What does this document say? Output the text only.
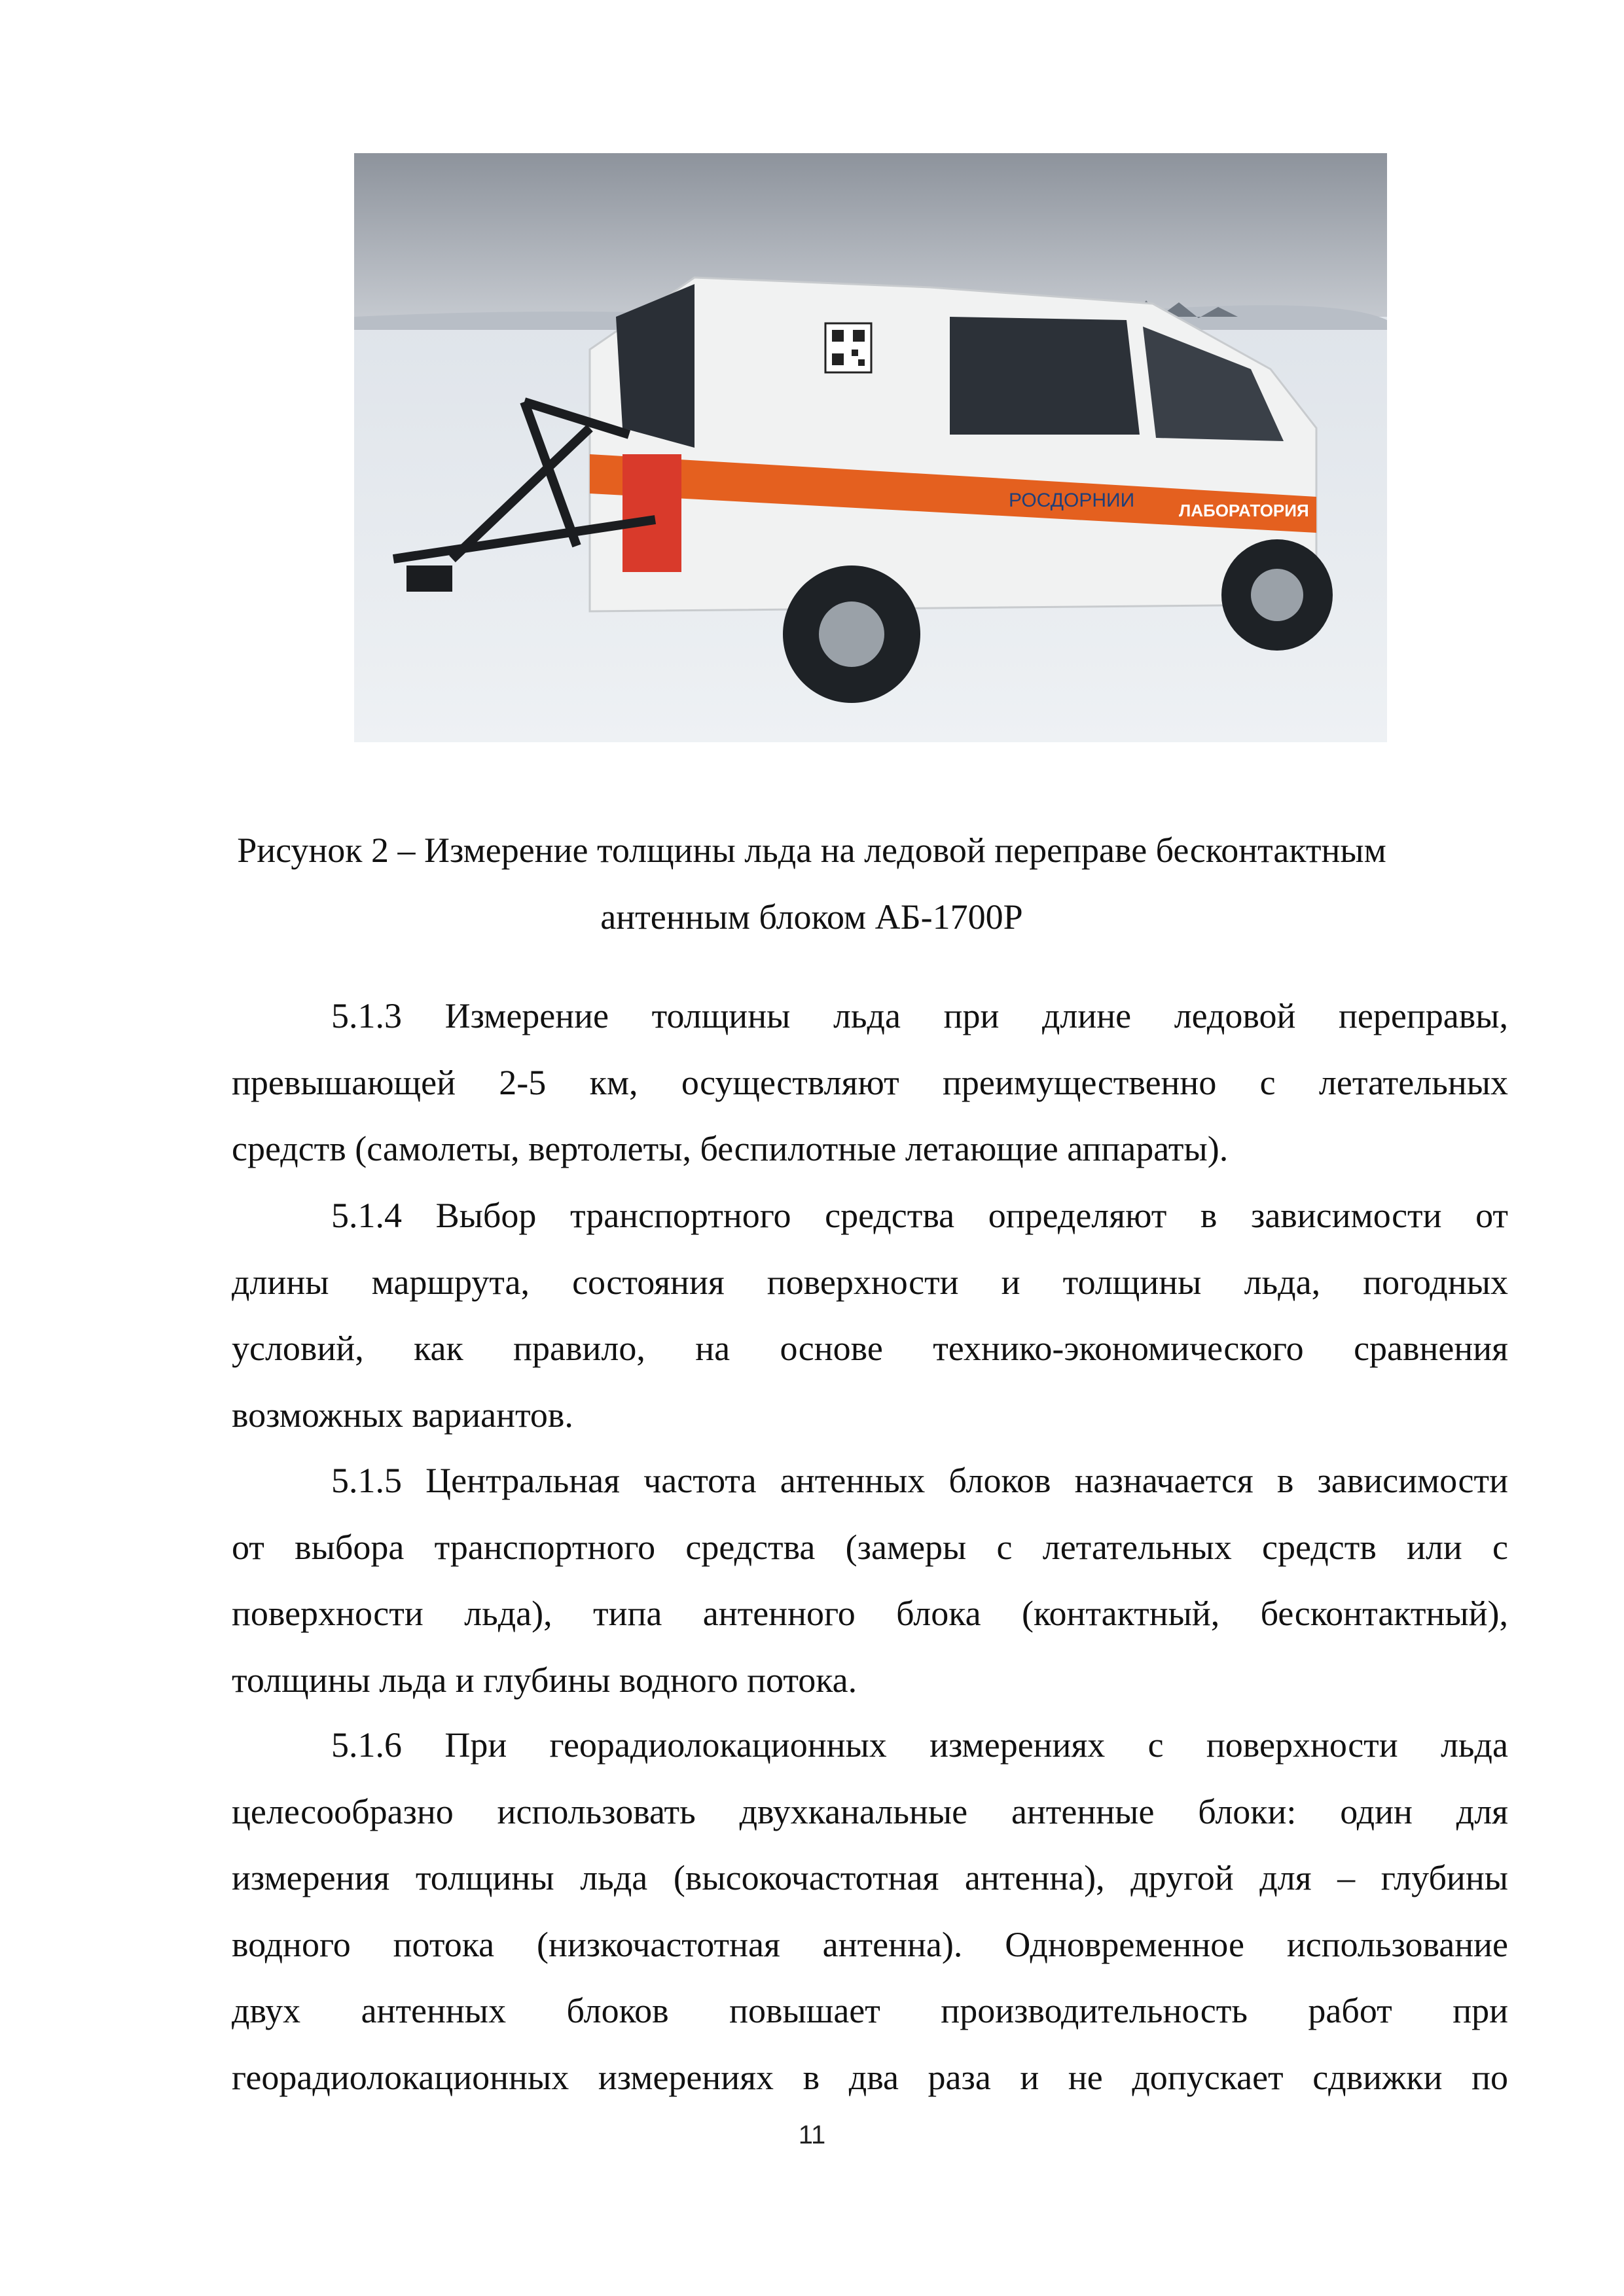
ЛАБОРАТОРИЯ
РОСДОРНИИ

Рисунок 2 – Измерение толщины льда на ледовой переправе бесконтактным

антенным блоком АБ-1700Р

5.1.3 Измерение толщины льда при длине ледовой переправы,
превышающей 2-5 км, осуществляют преимущественно с летательных
средств (самолеты, вертолеты, беспилотные летающие аппараты).
5.1.4 Выбор транспортного средства определяют в зависимости от
длины маршрута, состояния поверхности и толщины льда, погодных
условий, как правило, на основе технико-экономического сравнения
возможных вариантов.
5.1.5 Центральная частота антенных блоков назначается в зависимости
от выбора транспортного средства (замеры с летательных средств или с
поверхности льда), типа антенного блока (контактный, бесконтактный),
толщины льда и глубины водного потока.
5.1.6 При георадиолокационных измерениях с поверхности льда
целесообразно использовать двухканальные антенные блоки: один для
измерения толщины льда (высокочастотная антенна), другой для – глубины
водного потока (низкочастотная антенна). Одновременное использование
двух антенных блоков повышает производительность работ при
георадиолокационных измерениях в два раза и не допускает сдвижки по

11
